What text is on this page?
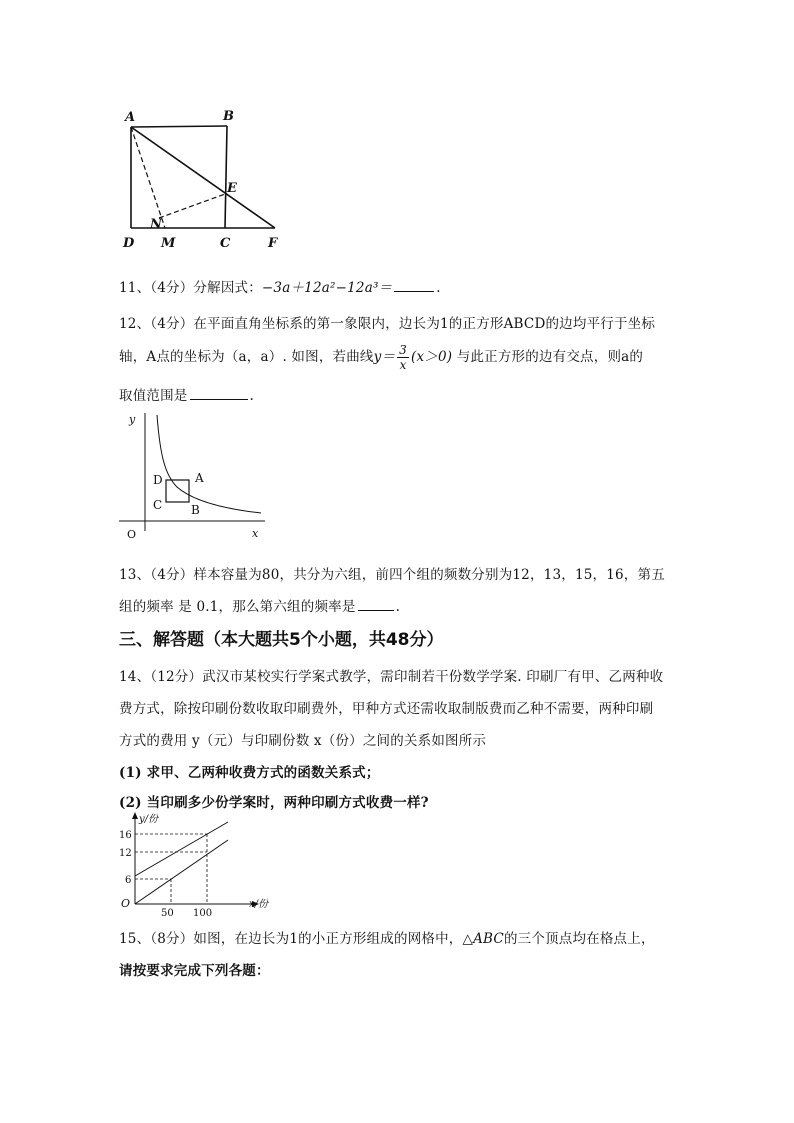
A	B
E
N
D M	C	F
11、（4分）分解因式：−3a＋12a²−12a³＝	.
12、（4分）在平面直角坐标系的第一象限内，边长为1的正方形ABCD的边均平行于坐标
轴，A点的坐标为（a，a）. 如图，若曲线$y= \frac{3}{x} (x>0)$ 与此正方形的边有交点，则a的
取值范围是	.
y
x
O
D	A
C B
13、（4分）样本容量为80，共分为六组，前四个组的频数分别为12，13，15，16，第五
组的频率 是 0.1，那么第六组的频率是	.
三、解答题（本大题共5个小题，共48分）
14、（12分）武汉市某校实行学案式教学，需印制若干份数学学案. 印刷厂有甲、乙两种收
费方式，除按印刷份数收取印刷费外，甲种方式还需收取制版费而乙种不需要，两种印刷
方式的费用 y（元）与印刷份数 x（份）之间的关系如图所示
(1) 求甲、乙两种收费方式的函数关系式；
(2) 当印刷多少份学案时，两种印刷方式收费一样?
y/份
x/份
O
16
12
6
50 100
15、（8分）如图，在边长为1的小正方形组成的网格中，△ABC的三个顶点均在格点上，
请按要求完成下列各题：
